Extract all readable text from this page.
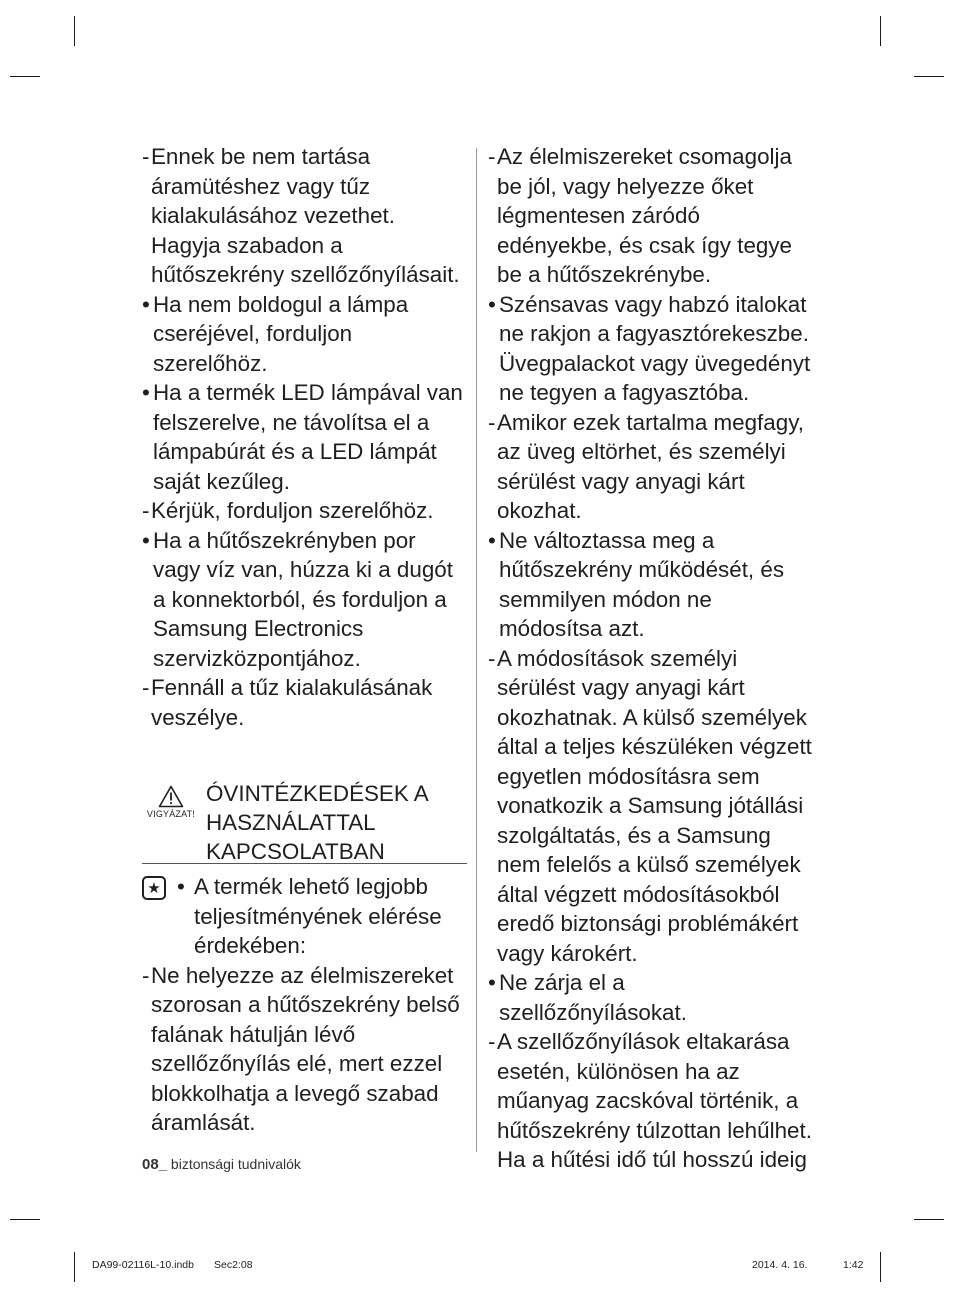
- Ennek be nem tartása áramütéshez vagy tűz kialakulásához vezethet. Hagyja szabadon a hűtőszekrény szellőzőnyílásait.

• Ha nem boldogul a lámpa cseréjével, forduljon szerelőhöz.

• Ha a termék LED lámpával van felszerelve, ne távolítsa el a lámpabúrát és a LED lámpát saját kezűleg.

- Kérjük, forduljon szerelőhöz.

• Ha a hűtőszekrényben por vagy víz van, húzza ki a dugót a konnektorból, és forduljon a Samsung Electronics szervizközpontjához.

- Fennáll a tűz kialakulásának veszélye.

VIGYÁZAT!
ÓVINTÉZKEDÉSEK A HASZNÁLATTAL KAPCSOLATBAN
★ • A termék lehető legjobb teljesítményének elérése érdekében:

- Ne helyezze az élelmiszereket szorosan a hűtőszekrény belső falának hátulján lévő szellőzőnyílás elé, mert ezzel blokkolhatja a levegő szabad áramlását.

- Az élelmiszereket csomagolja be jól, vagy helyezze őket légmentesen záródó edényekbe, és csak így tegye be a hűtőszekrénybe.

• Szénsavas vagy habzó italokat ne rakjon a fagyasztórekeszbe. Üvegpalackot vagy üvegedényt ne tegyen a fagyasztóba.

- Amikor ezek tartalma megfagy, az üveg eltörhet, és személyi sérülést vagy anyagi kárt okozhat.

• Ne változtassa meg a hűtőszekrény működését, és semmilyen módon ne módosítsa azt.

- A módosítások személyi sérülést vagy anyagi kárt okozhatnak. A külső személyek által a teljes készüléken végzett egyetlen módosításra sem vonatkozik a Samsung jótállási szolgáltatás, és a Samsung nem felelős a külső személyek által végzett módosításokból eredő biztonsági problémákért vagy károkért.

• Ne zárja el a szellőzőnyílásokat.

- A szellőzőnyílások eltakarása esetén, különösen ha az műanyag zacskóval történik, a hűtőszekrény túlzottan lehűlhet. Ha a hűtési idő túl hosszú ideig

08_ biztonsági tudnivalók
DA99-02116L-10.indb Sec2:08	2014. 4. 16.	1:42
